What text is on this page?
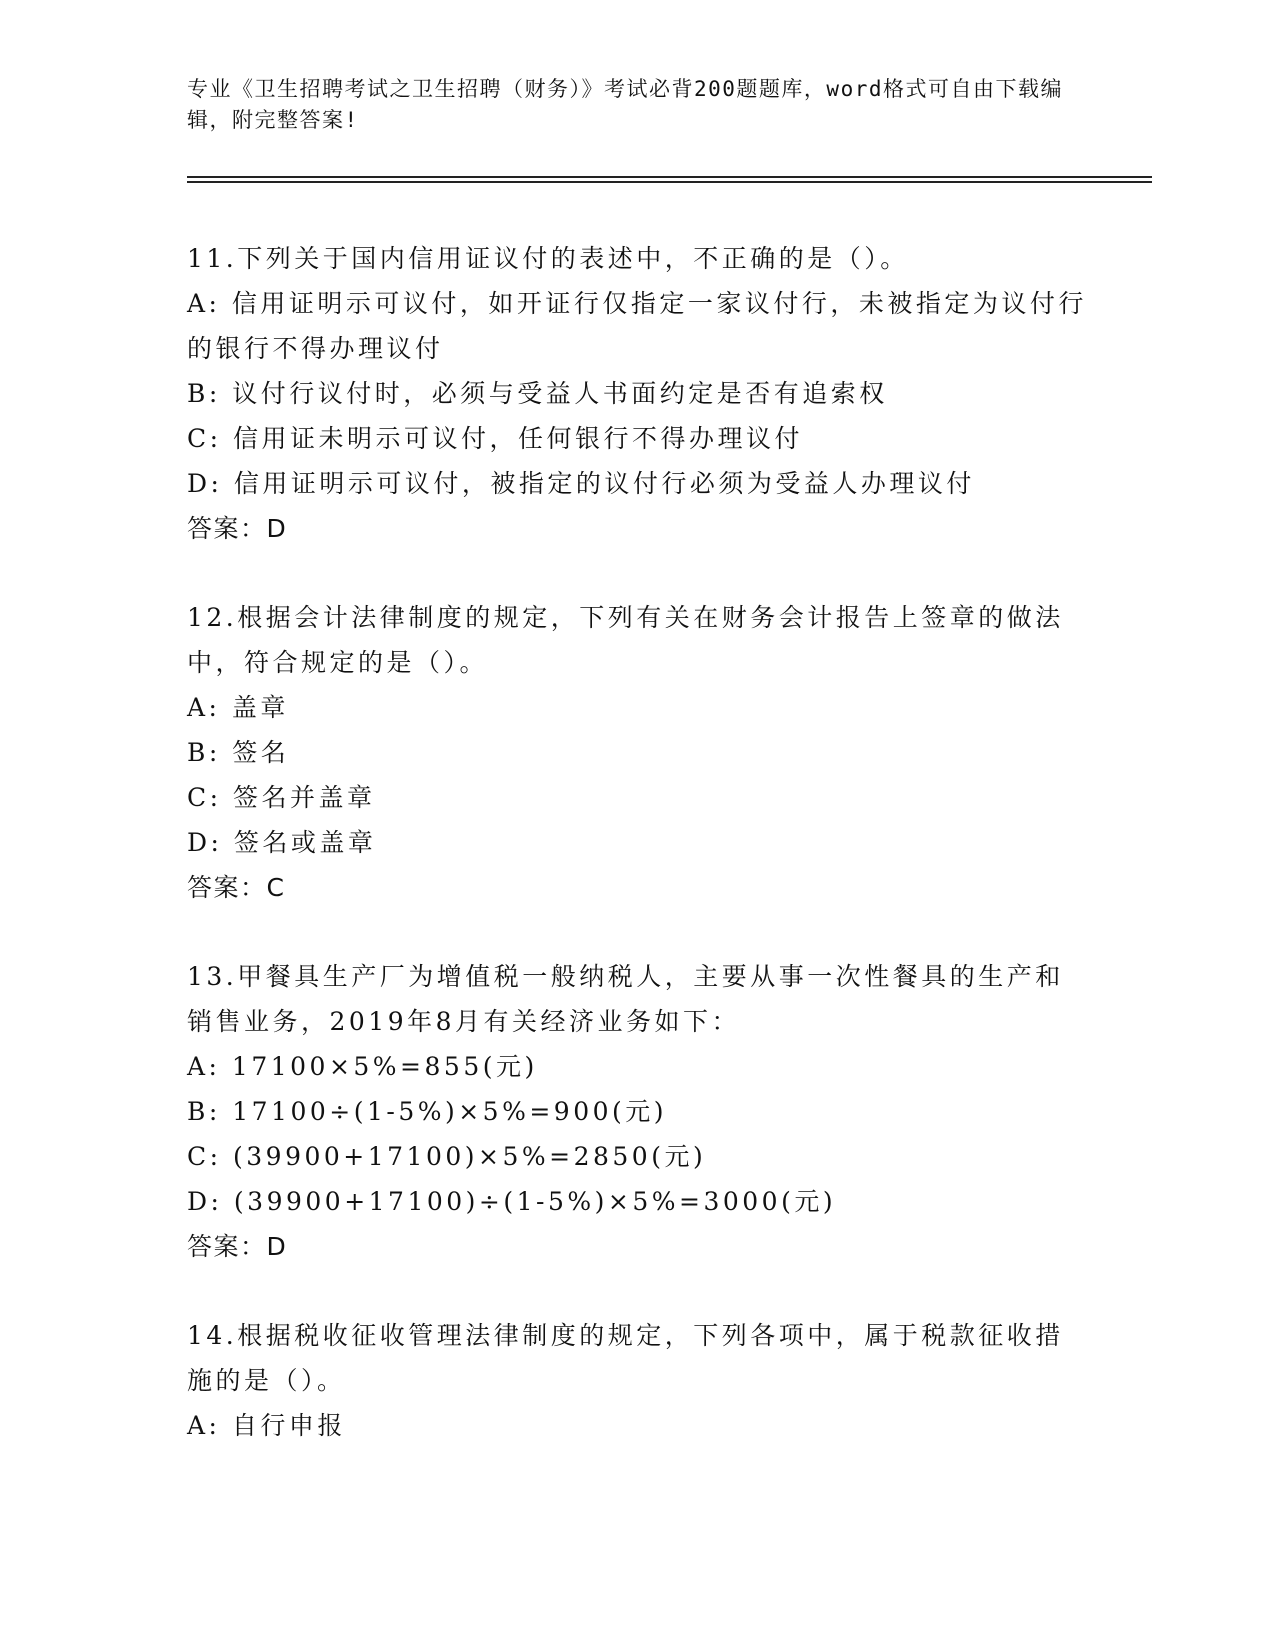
专业《卫生招聘考试之卫生招聘（财务）》考试必背200题题库，word格式可自由下载编辑，附完整答案!
11.下列关于国内信用证议付的表述中，不正确的是（）。
A: 信用证明示可议付，如开证行仅指定一家议付行，未被指定为议付行的银行不得办理议付
B: 议付行议付时，必须与受益人书面约定是否有追索权
C: 信用证未明示可议付，任何银行不得办理议付
D: 信用证明示可议付，被指定的议付行必须为受益人办理议付
答案：D
12.根据会计法律制度的规定，下列有关在财务会计报告上签章的做法中，符合规定的是（）。
A: 盖章
B: 签名
C: 签名并盖章
D: 签名或盖章
答案：C
13.甲餐具生产厂为增值税一般纳税人，主要从事一次性餐具的生产和销售业务，2019年8月有关经济业务如下：
A: 17100×5%=855(元)
B: 17100÷(1-5%)×5%=900(元)
C: (39900+17100)×5%=2850(元)
D: (39900+17100)÷(1-5%)×5%=3000(元)
答案：D
14.根据税收征收管理法律制度的规定，下列各项中，属于税款征收措施的是（）。
A: 自行申报
